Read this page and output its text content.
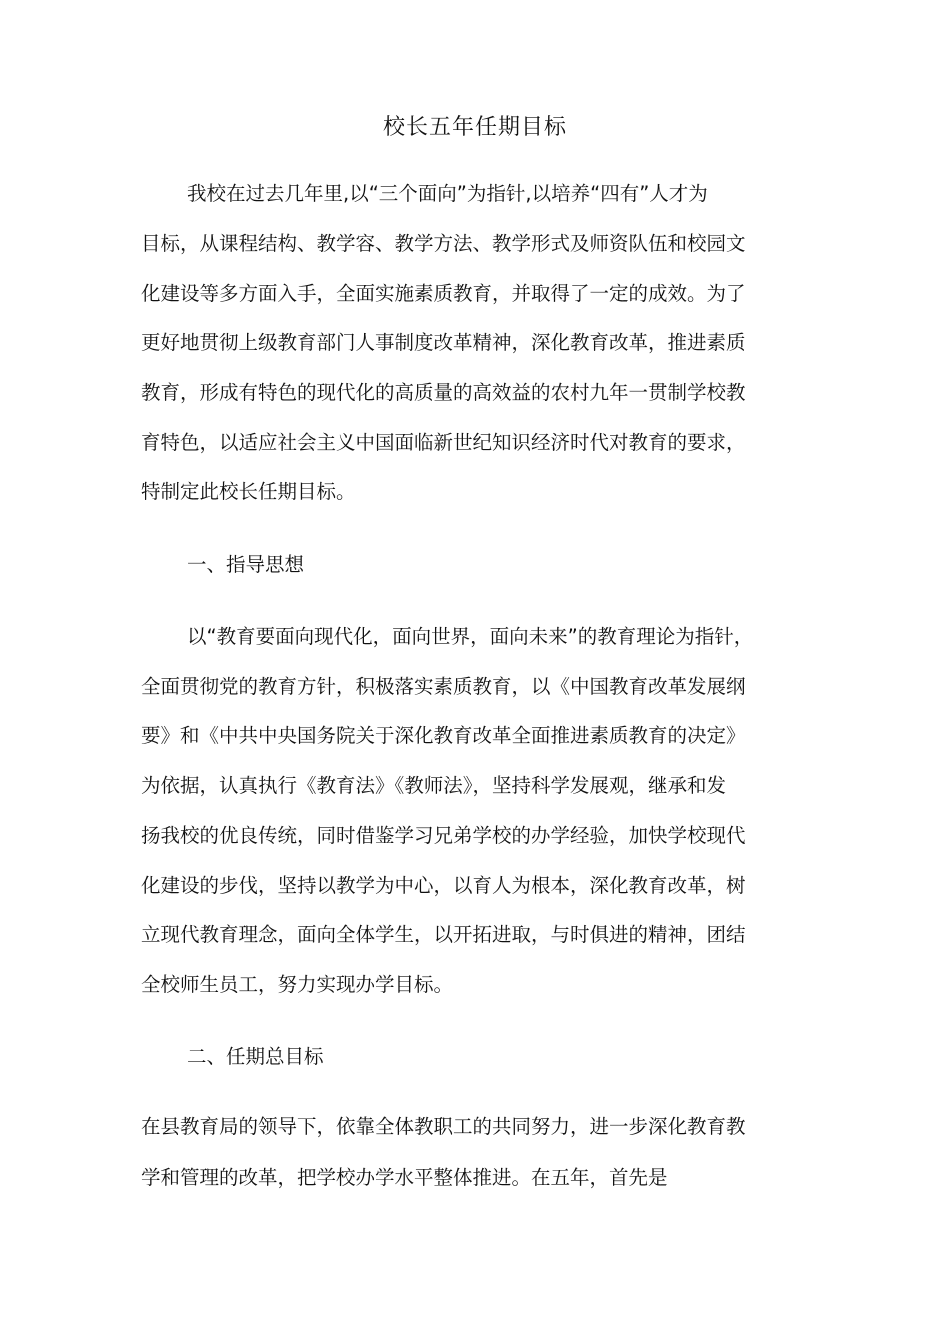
校长五年任期目标
我校在过去几年里,以“三个面向”为指针,以培养“四有”人才为
目标，从课程结构、教学容、教学方法、教学形式及师资队伍和校园文
化建设等多方面入手，全面实施素质教育，并取得了一定的成效。为了
更好地贯彻上级教育部门人事制度改革精神，深化教育改革，推进素质
教育，形成有特色的现代化的高质量的高效益的农村九年一贯制学校教
育特色，以适应社会主义中国面临新世纪知识经济时代对教育的要求，
特制定此校长任期目标。
一、指导思想
以“教育要面向现代化，面向世界，面向未来”的教育理论为指针，
全面贯彻党的教育方针，积极落实素质教育，以《中国教育改革发展纲
要》和《中共中央国务院关于深化教育改革全面推进素质教育的决定》
为依据，认真执行《教育法》《教师法》，坚持科学发展观，继承和发
扬我校的优良传统，同时借鉴学习兄弟学校的办学经验，加快学校现代
化建设的步伐，坚持以教学为中心，以育人为根本，深化教育改革，树
立现代教育理念，面向全体学生，以开拓进取，与时俱进的精神，团结
全校师生员工，努力实现办学目标。
二、任期总目标
在县教育局的领导下，依靠全体教职工的共同努力，进一步深化教育教
学和管理的改革，把学校办学水平整体推进。在五年，首先是
